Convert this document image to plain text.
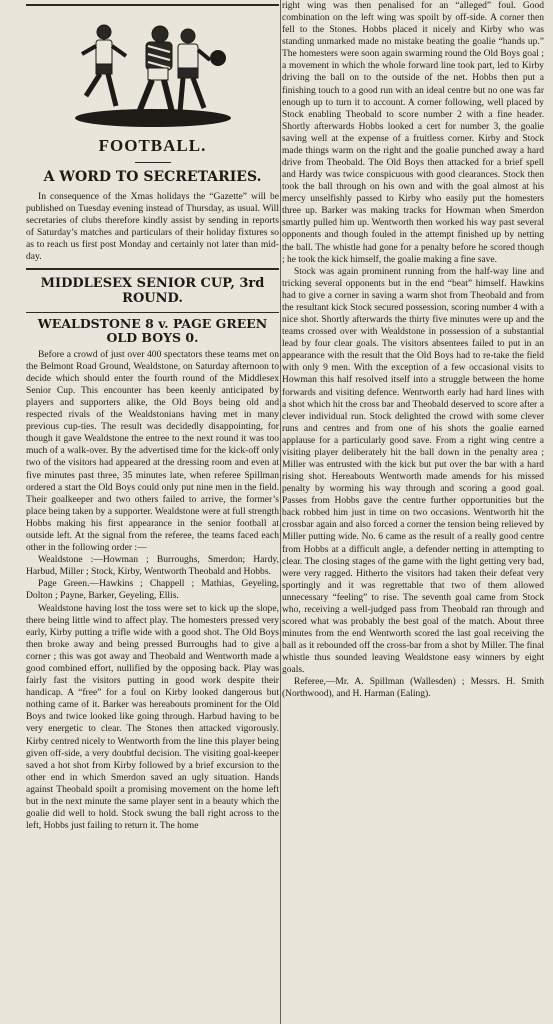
FOOTBALL.
A WORD TO SECRETARIES.

In consequence of the Xmas holidays the “Gazette” will be published on Tuesday evening instead of Thursday, as usual. Will secretaries of clubs therefore kindly assist by sending in reports of Saturday’s matches and particulars of their holiday fixtures so as to reach us first post Monday and certainly not later than mid-day.

MIDDLESEX SENIOR CUP, 3rd ROUND.
WEALDSTONE 8 v. PAGE GREEN OLD BOYS 0.

Before a crowd of just over 400 spectators these teams met on the Belmont Road Ground, Wealdstone, on Saturday afternoon to decide which should enter the fourth round of the Middlesex Senior Cup. This encounter has been keenly anticipated by players and supporters alike, the Old Boys being old and respected rivals of the Wealdstonians having met in many previous cup-ties. The result was decidedly disappointing, for though it gave Wealdstone the entree to the next round it was too much of a walk-over. By the advertised time for the kick-off only two of the visitors had appeared at the dressing room and even at five minutes past three, 35 minutes late, when referee Spillman ordered a start the Old Boys could only put nine men in the field. Their goalkeeper and two others failed to arrive, the former’s place being taken by a supporter. Wealdstone were at full strength Hobbs making his first appearance in the senior football at outside left. At the signal from the referee, the teams faced each other in the following order :—

Wealdstone :—Howman ; Burroughs, Smerdon; Hardy, Harbud, Miller ; Stock, Kirby, Wentworth Theobald and Hobbs.

Page Green.—Hawkins ; Chappell ; Mathias, Geyeling, Dolton ; Payne, Barker, Geyeling, Ellis.

Wealdstone having lost the toss were set to kick up the slope, there being little wind to affect play. The homesters pressed very early, Kirby putting a trifle wide with a good shot. The Old Boys then broke away and being pressed Burroughs had to give a corner ; this was got away and Theobald and Wentworth made a good combined effort, nullified by the opposing back. Play was fairly fast the visitors putting in good work despite their handicap. A “free” for a foul on Kirby looked dangerous but nothing came of it. Barker was hereabouts prominent for the Old Boys and twice looked like going through. Harbud having to be very energetic to clear. The Stones then attacked vigorously. Kirby centred nicely to Wentworth from the line this player being given off-side, a very doubtful decision. The visiting goal-keeper saved a hot shot from Kirby followed by a brief excursion to the other end in which Smerdon saved an ugly situation. Hands against Theobald spoilt a promising movement on the home left but in the next minute the same player sent in a beauty which the goalie did well to hold. Stock swung the ball right across to the left, Hobbs just failing to return it. The home

right wing was then penalised for an “alleged” foul. Good combination on the left wing was spoilt by off-side. A corner then fell to the Stones. Hobbs placed it nicely and Kirby who was standing unmarked made no mistake beating the goalie “hands up.” The homesters were soon again swarming round the Old Boys goal ; a movement in which the whole forward line took part, led to Kirby driving the ball on to the outside of the net. Hobbs then put a finishing touch to a good run with an ideal centre but no one was far enough up to turn it to account. A corner following, well placed by Stock enabling Theobald to score number 2 with a fine header. Shortly afterwards Hobbs looked a cert for number 3, the goalie saving well at the expense of a fruitless corner. Kirby and Stock made things warm on the right and the goalie punched away a hard drive from Theobald. The Old Boys then attacked for a brief spell and Hardy was twice conspicuous with good clearances. Stock then took the ball through on his own and with the goal almost at his mercy unselfishly passed to Kirby who easily put the homesters three up. Barker was making tracks for Howman when Smerdon smartly pulled him up. Wentworth then worked his way past several opponents and though fouled in the attempt finished up by netting the ball. The whistle had gone for a penalty before he scored though ; he took the kick himself, the goalie making a fine save.

Stock was again prominent running from the half-way line and tricking several opponents but in the end “beat” himself. Hawkins had to give a corner in saving a warm shot from Theobald and from the resultant kick Stock secured possession, scoring number 4 with a nice shot. Shortly afterwards the thirty five minutes were up and the teams crossed over with Wealdstone in possession of a substantial lead by four clear goals. The visitors absentees failed to put in an appearance with the result that the Old Boys had to re-take the field with only 9 men. With the exception of a few occasional visits to Howman this half resolved itself into a struggle between the home forwards and visiting defence. Wentworth early had hard lines with a shot which hit the cross bar and Theobald deserved to score after a clever individual run. Stock delighted the crowd with some clever runs and centres and from one of his shots the goalie earned applause for a particularly good save. From a right wing centre a visiting player deliberately hit the ball down in the penalty area ; Miller was entrusted with the kick but put over the bar with a hard rising shot. Hereabouts Wentworth made amends for his missed penalty by worming his way through and scoring a good goal. Passes from Hobbs gave the centre further opportunities but the back robbed him just in time on two occasions. Wentworth hit the crossbar again and also forced a corner the tension being relieved by Miller putting wide. No. 6 came as the result of a really good centre from Hobbs at a difficult angle, a defender netting in attempting to clear. The closing stages of the game with the light getting very bad, were very ragged. Hitherto the visitors had taken their defeat very sportingly and it was regrettable that two of them allowed unnecessary “feeling” to rise. The seventh goal came from Stock who, receiving a well-judged pass from Theobald ran through and scored what was probably the best goal of the match. About three minutes from the end Wentworth scored the last goal receiving the ball as it rebounded off the cross-bar from a shot by Miller. The final whistle thus sounded leaving Wealdstone easy winners by eight goals.

Referee,—Mr. A. Spillman (Wallesden) ; Messrs. H. Smith (Northwood), and H. Harman (Ealing).
